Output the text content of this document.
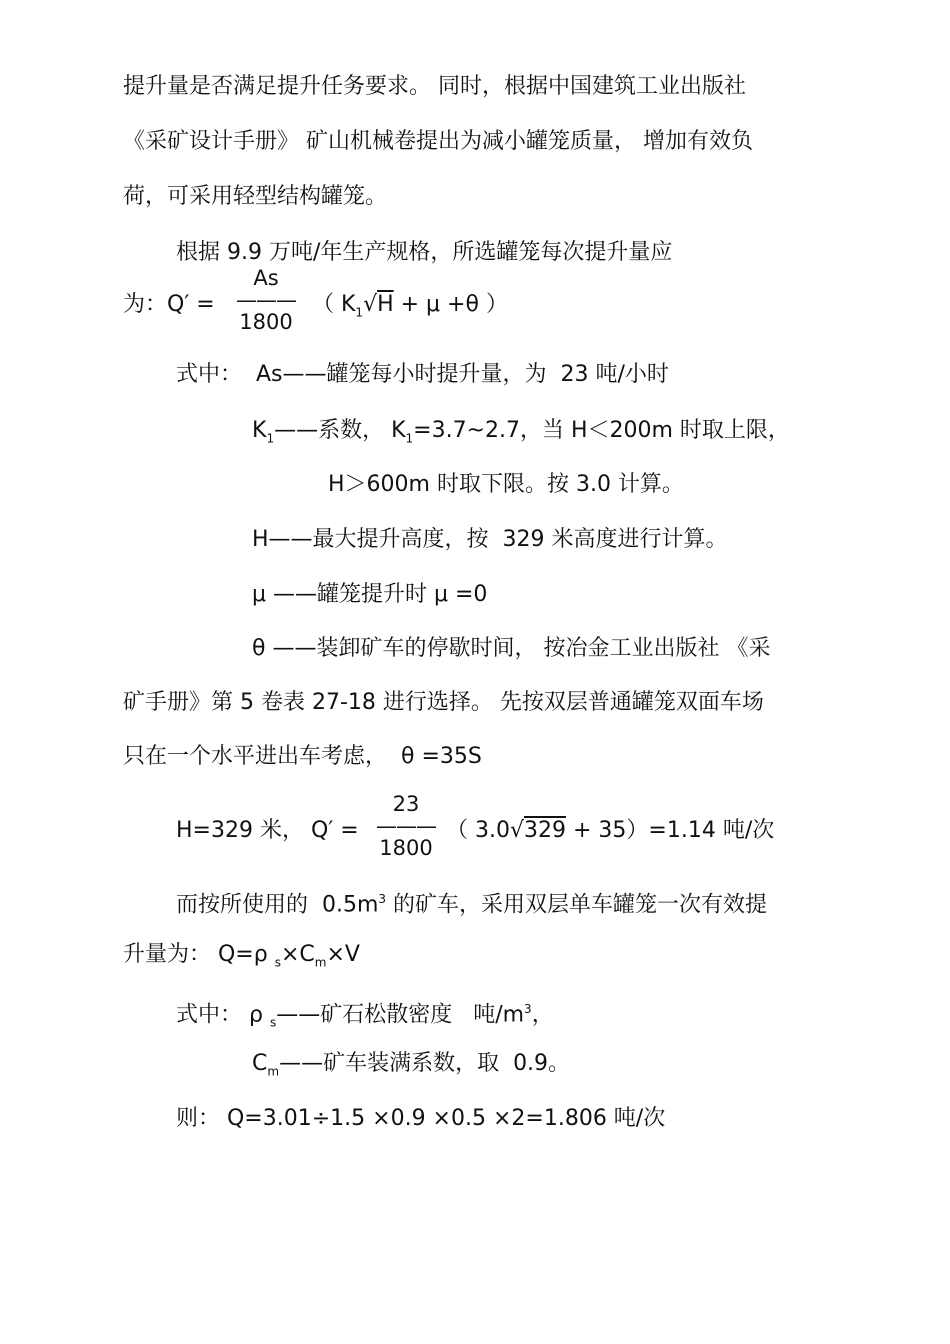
提升量是否满足提升任务要求。 同时，根据中国建筑工业出版社
《采矿设计手册》 矿山机械卷提出为减小罐笼质量， 增加有效负
荷，可采用轻型结构罐笼。
根据 9.9 万吨/年生产规格，所选罐笼每次提升量应
为：Q′ =
As
———
1800
（ $K_1√H + \mu +\theta$ ）
式中：  As——罐笼每小时提升量，为  23 吨/小时
$K_1——$系数， $K_1=3.7\sim 2.7$，当 H＜200m 时取上限，
H＞600m 时取下限。按 3.0 计算。
H——最大提升高度，按  329 米高度进行计算。
μ ——罐笼提升时 μ =0
θ ——装卸矿车的停歇时间， 按冶金工业出版社 《采
矿手册》第 5 卷表 27-18 进行选择。 先按双层普通罐笼双面车场
只在一个水平进出车考虑，  θ =35S
H=329 米， Q′ =
23
———
1800
（ 3.0√329 + 35）=1.14 吨/次
而按所使用的  $0.5m^3$ 的矿车，采用双层单车罐笼一次有效提
升量为： Q=ρ $_s\times C_m\times V$
式中： ρ $_s$——矿石松散密度   吨$/m^3$，
$C_m——$矿车装满系数，取  0.9。
则： Q=3.01÷1.5 ×0.9 ×0.5 ×2=1.806 吨/次
